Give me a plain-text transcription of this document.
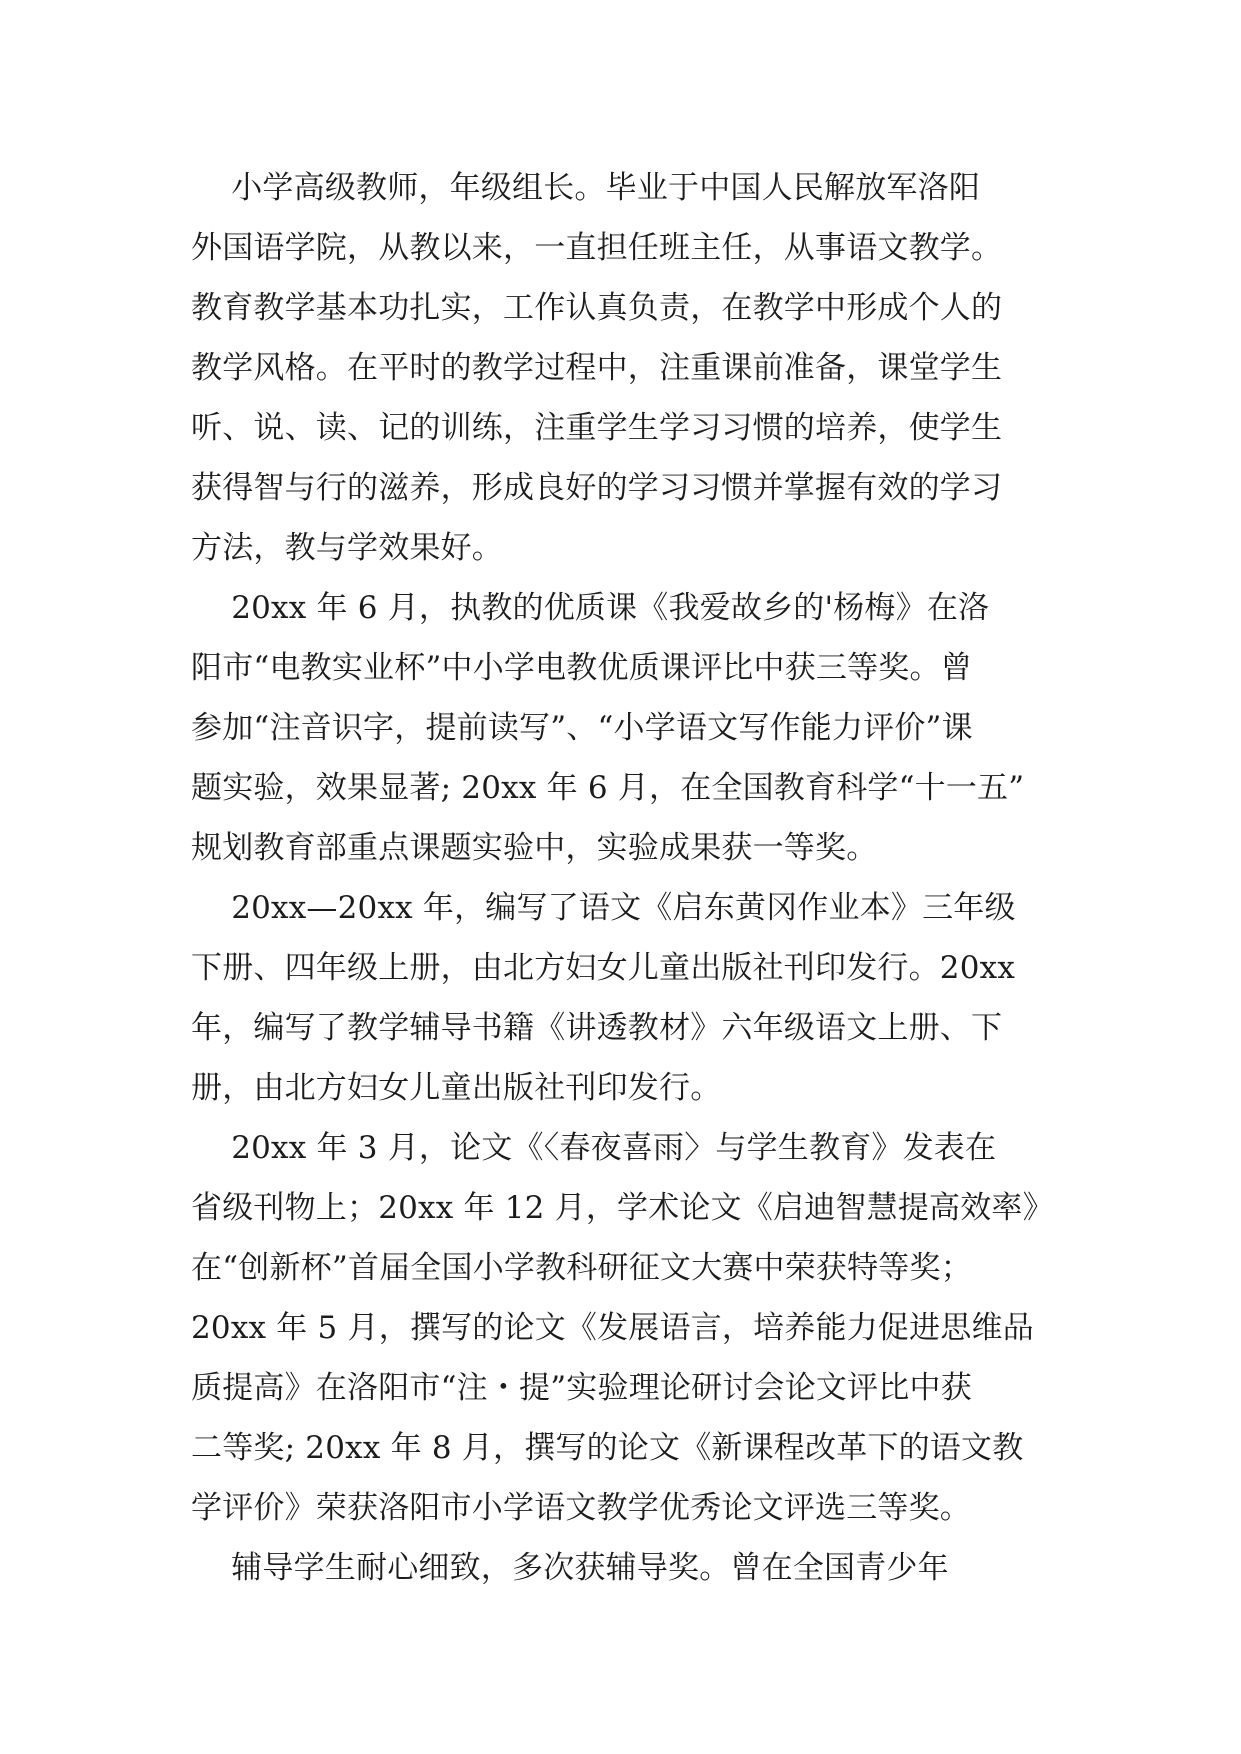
小学高级教师，年级组长。毕业于中国人民解放军洛阳
外国语学院，从教以来，一直担任班主任，从事语文教学。
教育教学基本功扎实，工作认真负责，在教学中形成个人的
教学风格。在平时的教学过程中，注重课前准备，课堂学生
听、说、读、记的训练，注重学生学习习惯的培养，使学生
获得智与行的滋养，形成良好的学习习惯并掌握有效的学习
方法，教与学效果好。
20xx 年 6 月，执教的优质课《我爱故乡的'杨梅》在洛
阳市“电教实业杯”中小学电教优质课评比中获三等奖。曾
参加“注音识字，提前读写”、“小学语文写作能力评价”课
题实验，效果显著; 20xx 年 6 月，在全国教育科学“十一五”
规划教育部重点课题实验中，实验成果获一等奖。
20xx—20xx 年，编写了语文《启东黄冈作业本》三年级
下册、四年级上册，由北方妇女儿童出版社刊印发行。20xx
年，编写了教学辅导书籍《讲透教材》六年级语文上册、下
册，由北方妇女儿童出版社刊印发行。
20xx 年 3 月，论文《〈春夜喜雨〉与学生教育》发表在
省级刊物上；20xx 年 12 月，学术论文《启迪智慧提高效率》
在“创新杯”首届全国小学教科研征文大赛中荣获特等奖；
20xx 年 5 月，撰写的论文《发展语言，培养能力促进思维品
质提高》在洛阳市“注・提”实验理论研讨会论文评比中获
二等奖; 20xx 年 8 月，撰写的论文《新课程改革下的语文教
学评价》荣获洛阳市小学语文教学优秀论文评选三等奖。
辅导学生耐心细致，多次获辅导奖。曾在全国青少年
